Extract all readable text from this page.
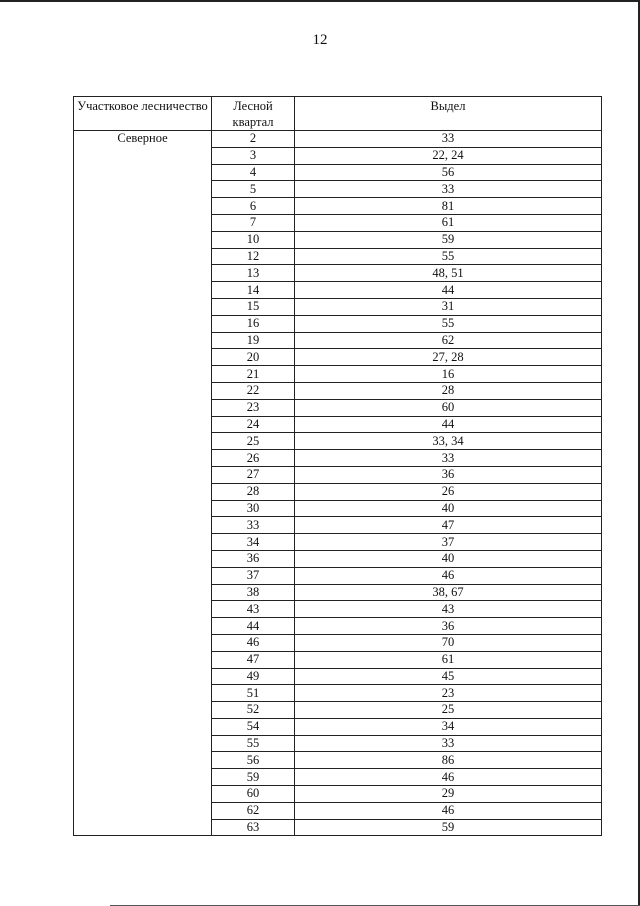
12
Участковое лесничество	Лесной квартал	Выдел
Северное	2	33
	3	22, 24
	4	56
	5	33
	6	81
	7	61
	10	59
	12	55
	13	48, 51
	14	44
	15	31
	16	55
	19	62
	20	27, 28
	21	16
	22	28
	23	60
	24	44
	25	33, 34
	26	33
	27	36
	28	26
	30	40
	33	47
	34	37
	36	40
	37	46
	38	38, 67
	43	43
	44	36
	46	70
	47	61
	49	45
	51	23
	52	25
	54	34
	55	33
	56	86
	59	46
	60	29
	62	46
	63	59
